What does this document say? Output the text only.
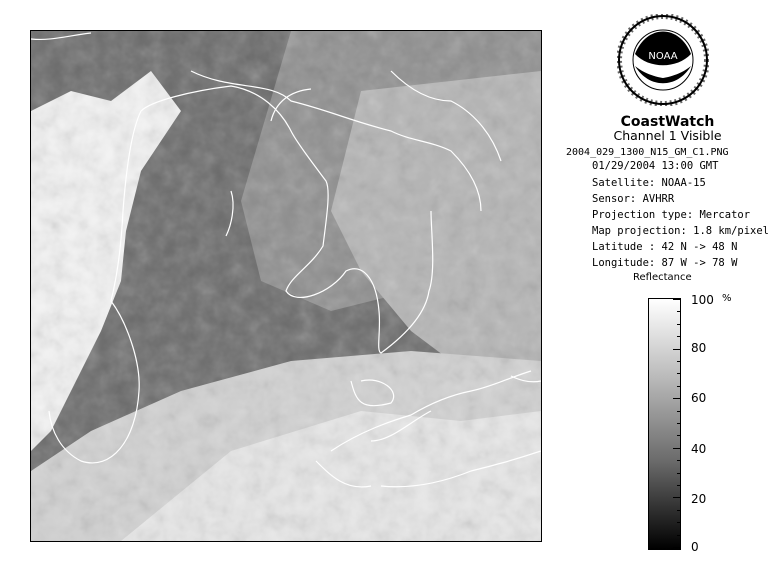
NOAA
CoastWatch
Channel 1 Visible
2004_029_1300_N15_GM_C1.PNG
01/29/2004 13:00 GMT
Satellite: NOAA-15
Sensor: AVHRR
Projection type: Mercator
Map projection: 1.8 km/pixel
Latitude : 42 N -> 48 N
Longitude: 87 W -> 78 W
Reflectance
%
100
80
60
40
20
0
